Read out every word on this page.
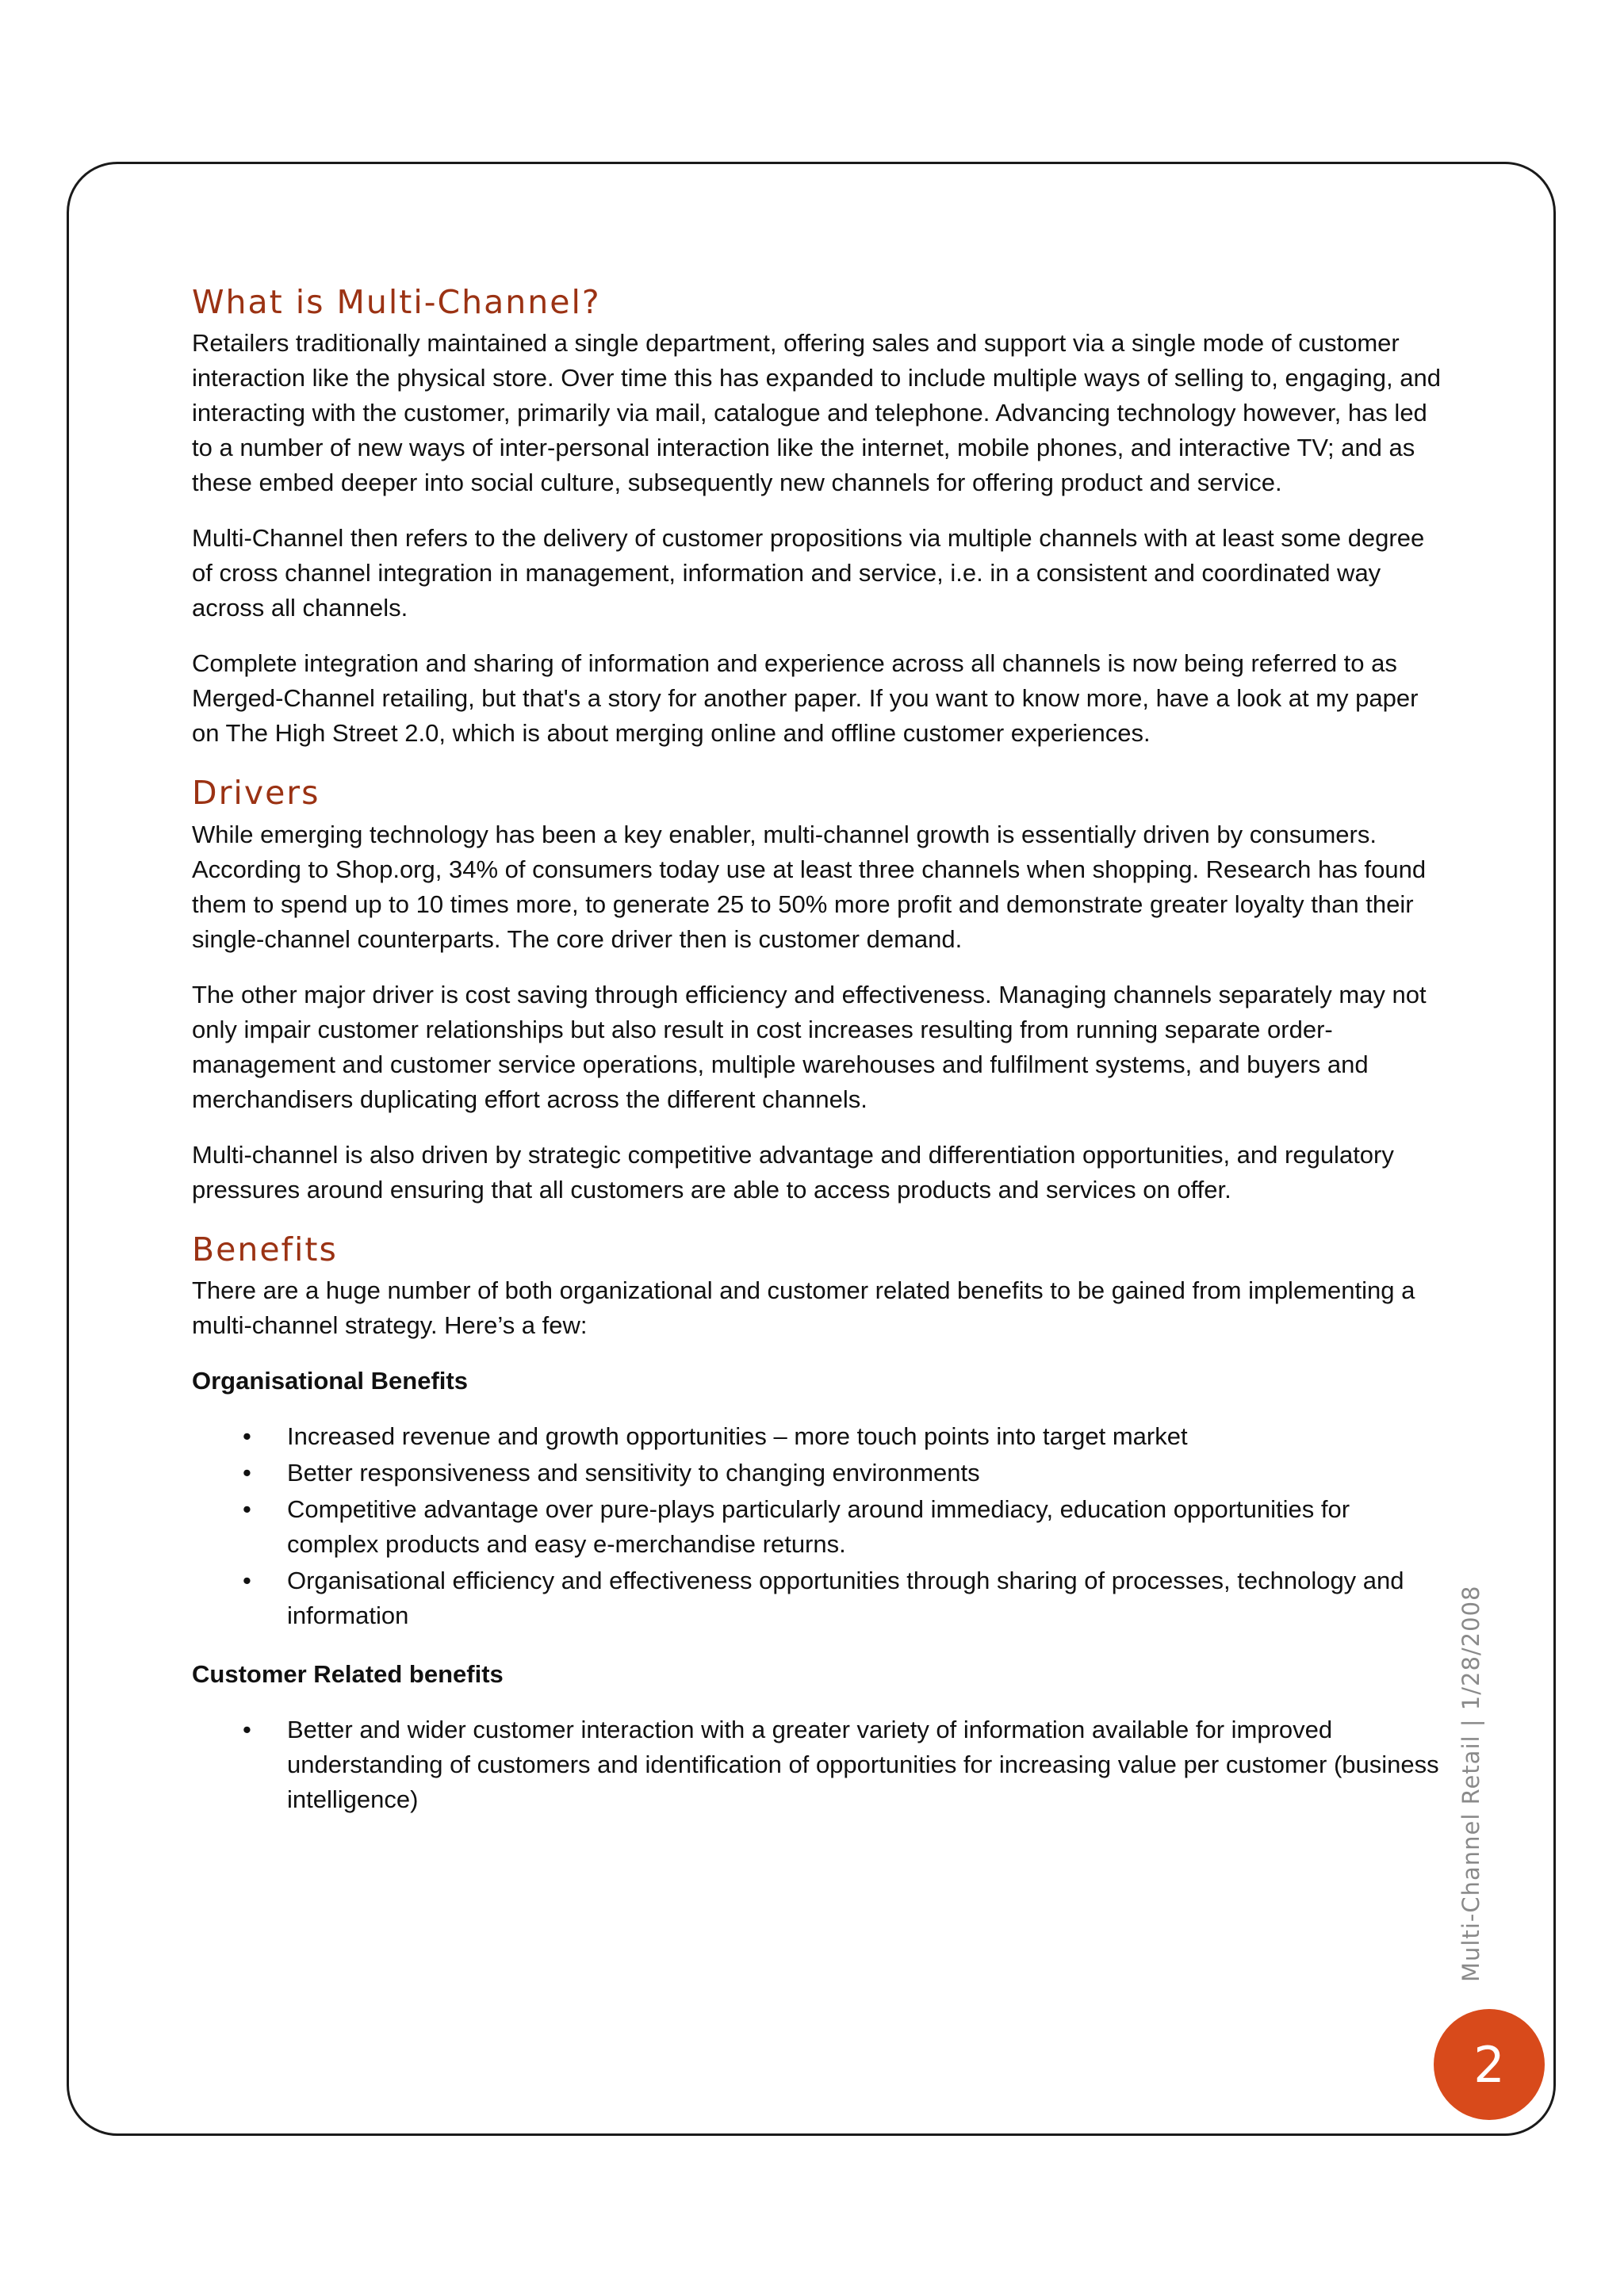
What is Multi-Channel?

Retailers traditionally maintained a single department, offering sales and support via a single mode of customer interaction like the physical store. Over time this has expanded to include multiple ways of selling to, engaging, and interacting with the customer, primarily via mail, catalogue and telephone. Advancing technology however, has led to a number of new ways of inter-personal interaction like the internet, mobile phones, and interactive TV; and as these embed deeper into social culture, subsequently new channels for offering product and service.

Multi-Channel then refers to the delivery of customer propositions via multiple channels with at least some degree of cross channel integration in management, information and service, i.e. in a consistent and coordinated way across all channels.

Complete integration and sharing of information and experience across all channels is now being referred to as Merged-Channel retailing, but that's a story for another paper. If you want to know more, have a look at my paper on The High Street 2.0, which is about merging online and offline customer experiences.

Drivers

While emerging technology has been a key enabler, multi-channel growth is essentially driven by consumers. According to Shop.org, 34% of consumers today use at least three channels when shopping. Research has found them to spend up to 10 times more, to generate 25 to 50% more profit and demonstrate greater loyalty than their single-channel counterparts. The core driver then is customer demand.

The other major driver is cost saving through efficiency and effectiveness. Managing channels separately may not only impair customer relationships but also result in cost increases resulting from running separate order-management and customer service operations, multiple warehouses and fulfilment systems, and buyers and merchandisers duplicating effort across the different channels.

Multi-channel is also driven by strategic competitive advantage and differentiation opportunities, and regulatory pressures around ensuring that all customers are able to access products and services on offer.

Benefits

There are a huge number of both organizational and customer related benefits to be gained from implementing a multi-channel strategy. Here’s a few:

Organisational Benefits
• Increased revenue and growth opportunities – more touch points into target market
• Better responsiveness and sensitivity to changing environments
• Competitive advantage over pure-plays particularly around immediacy, education opportunities for complex products and easy e-merchandise returns.
• Organisational efficiency and effectiveness opportunities through sharing of processes, technology and information
Customer Related benefits
• Better and wider customer interaction with a greater variety of information available for improved understanding of customers and identification of opportunities for increasing value per customer (business intelligence)	Multi-Channel Retail | 1/28/2008
2
